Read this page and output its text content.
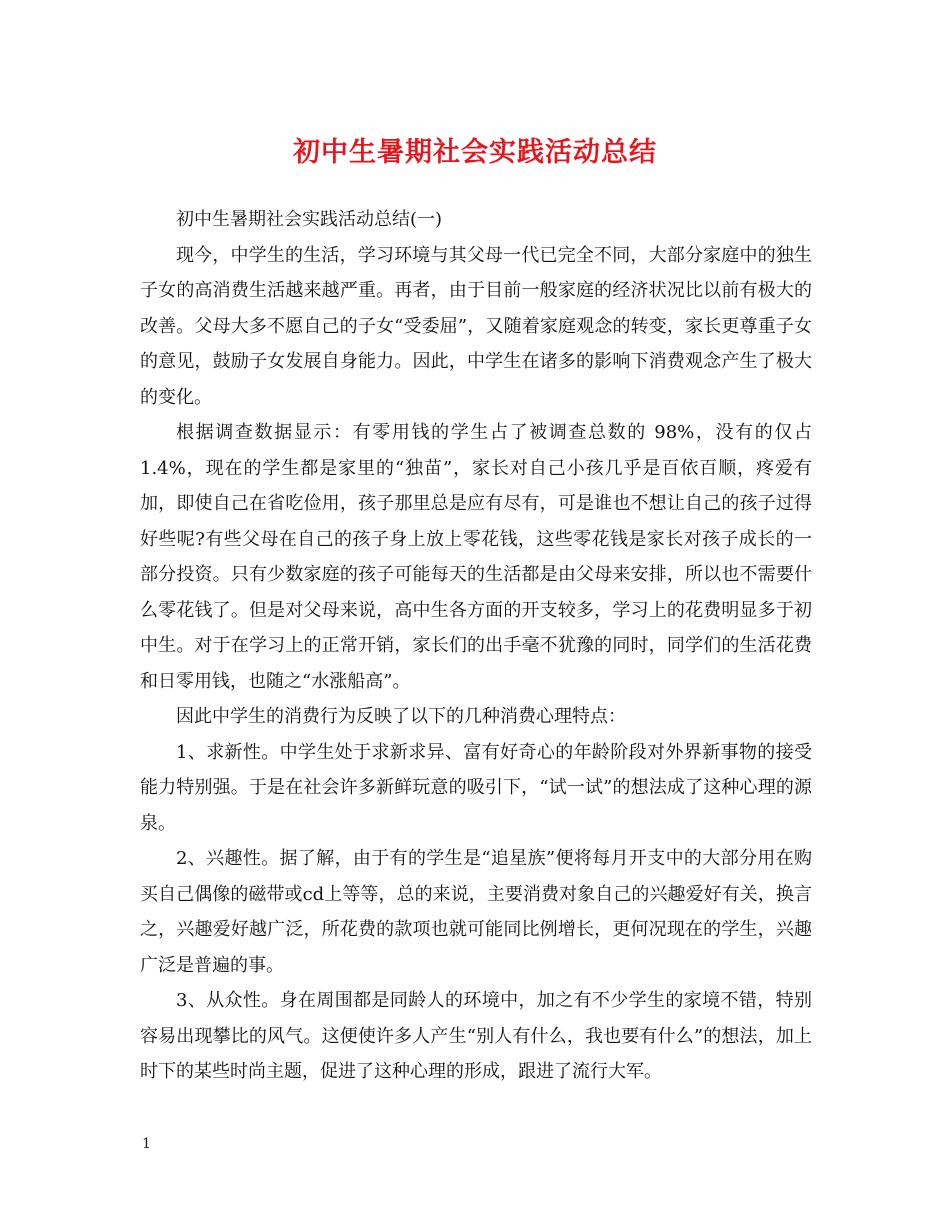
初中生暑期社会实践活动总结

初中生暑期社会实践活动总结(一)

现今，中学生的生活，学习环境与其父母一代已完全不同，大部分家庭中的独生子女的高消费生活越来越严重。再者，由于目前一般家庭的经济状况比以前有极大的改善。父母大多不愿自己的子女“受委屈”，又随着家庭观念的转变，家长更尊重子女的意见，鼓励子女发展自身能力。因此，中学生在诸多的影响下消费观念产生了极大的变化。

根据调查数据显示：有零用钱的学生占了被调查总数的 98%，没有的仅占 1.4%，现在的学生都是家里的“独苗”，家长对自己小孩几乎是百依百顺，疼爱有加，即使自己在省吃俭用，孩子那里总是应有尽有，可是谁也不想让自己的孩子过得好些呢?有些父母在自己的孩子身上放上零花钱，这些零花钱是家长对孩子成长的一部分投资。只有少数家庭的孩子可能每天的生活都是由父母来安排，所以也不需要什么零花钱了。但是对父母来说，高中生各方面的开支较多，学习上的花费明显多于初中生。对于在学习上的正常开销，家长们的出手毫不犹豫的同时，同学们的生活花费和日零用钱，也随之“水涨船高”。

因此中学生的消费行为反映了以下的几种消费心理特点：

1、求新性。中学生处于求新求异、富有好奇心的年龄阶段对外界新事物的接受能力特别强。于是在社会许多新鲜玩意的吸引下，“试一试”的想法成了这种心理的源泉。

2、兴趣性。据了解，由于有的学生是“追星族”便将每月开支中的大部分用在购买自己偶像的磁带或cd上等等，总的来说，主要消费对象自己的兴趣爱好有关，换言之，兴趣爱好越广泛，所花费的款项也就可能同比例增长，更何况现在的学生，兴趣广泛是普遍的事。

3、从众性。身在周围都是同龄人的环境中，加之有不少学生的家境不错，特别容易出现攀比的风气。这便使许多人产生“别人有什么，我也要有什么”的想法，加上时下的某些时尚主题，促进了这种心理的形成，跟进了流行大军。

1
